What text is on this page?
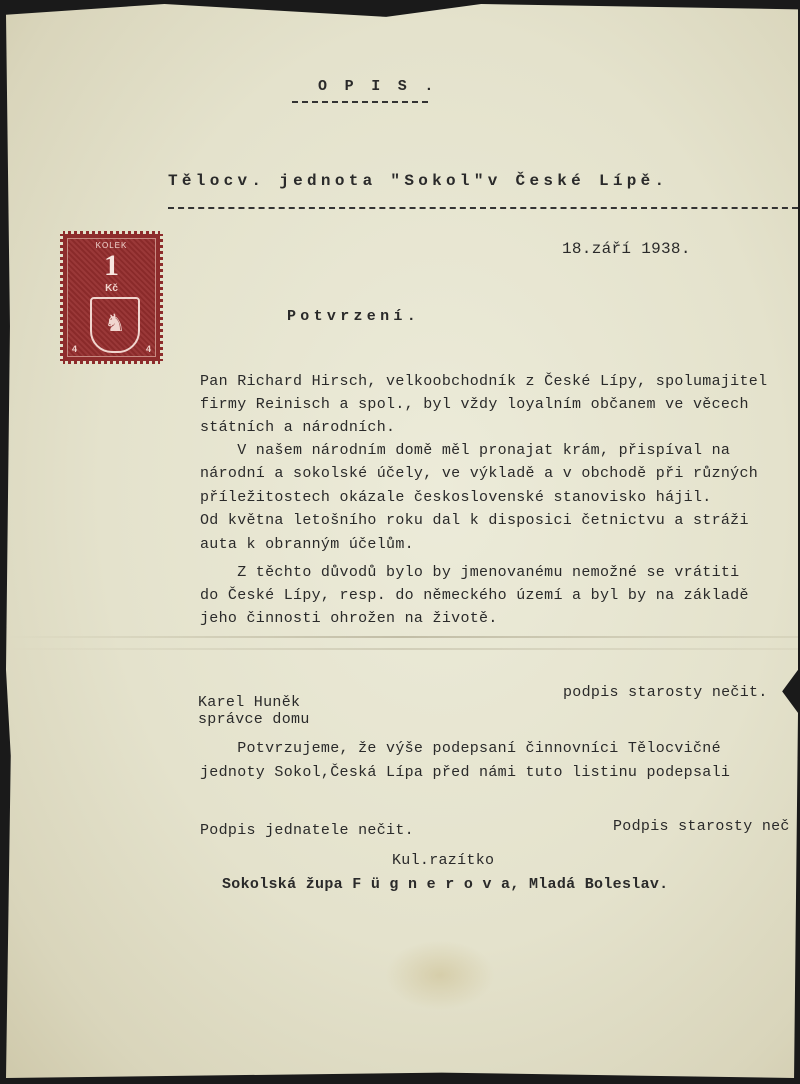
O P I S .

Tělocv. jednota "Sokol"v České Lípě.

KOLEK
1
Kč
♞
4	4

18.září 1938.

Potvrzení.

Pan Richard Hirsch, velkoobchodník z České Lípy, spolumajitel

firmy Reinisch a spol., byl vždy loyalním občanem ve věcech

státních a národních.

V našem národním domě měl pronajat krám, přispíval na

národní a sokolské účely, ve výkladě a v obchodě při různých

příležitostech okázale československé stanovisko hájil.

Od května letošního roku dal k disposici četnictvu a stráži

auta k obranným účelům.

Z těchto důvodů bylo by jmenovanému nemožné se vrátiti

do České Lípy, resp. do německého území a byl by na základě

jeho činnosti ohrožen na životě.

Karel Huněk

správce domu

podpis starosty nečit.

Potvrzujeme, že výše podepsaní činnovníci Tělocvičné

jednoty Sokol,Česká Lípa před námi tuto listinu podepsali

Podpis jednatele nečit.	Podpis starosty neč

Kul.razítko

Sokolská župa F ü g n e r o v a, Mladá Boleslav.
